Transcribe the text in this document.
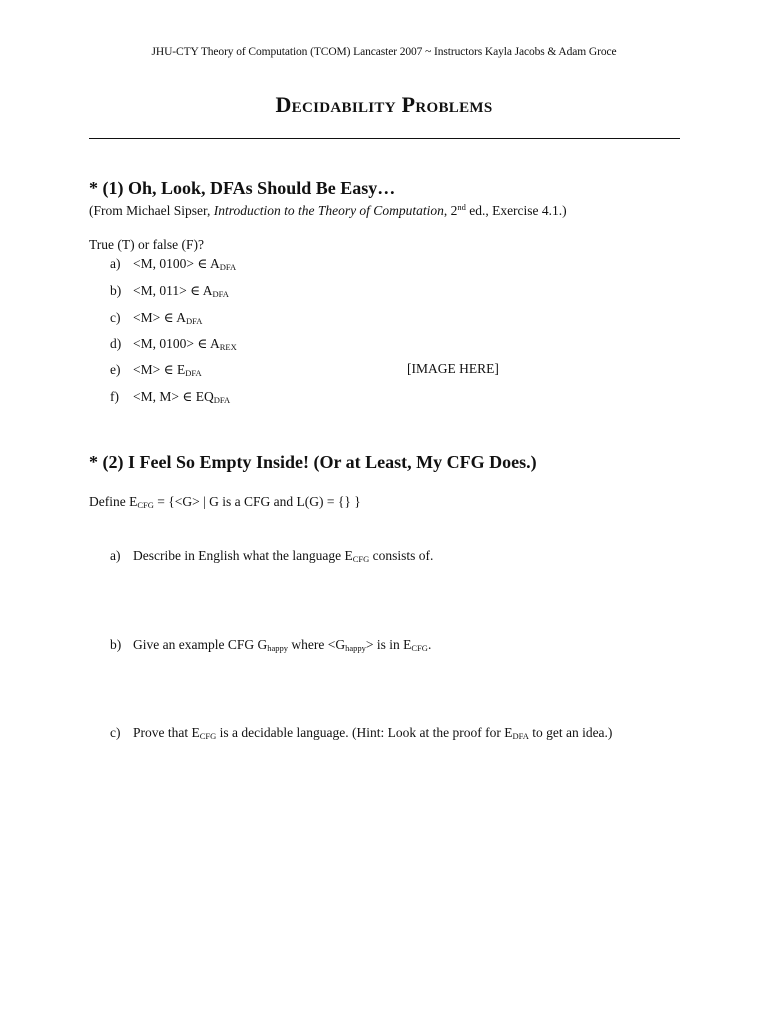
JHU-CTY Theory of Computation (TCOM) Lancaster 2007 ~ Instructors Kayla Jacobs & Adam Groce
Decidability Problems
* (1) Oh, Look, DFAs Should Be Easy…
(From Michael Sipser, Introduction to the Theory of Computation, 2nd ed., Exercise 4.1.)
True (T) or false (F)?
a) <M, 0100> ∈ $A_{DFA}$
b) <M, 011> ∈ $A_{DFA}$
c) <M> ∈ $A_{DFA}$
d) <M, 0100> ∈ $A_{REX}$
e) <M> ∈ $E_{DFA}$
f) <M, M> ∈ $EQ_{DFA}$
[IMAGE HERE]
* (2) I Feel So Empty Inside! (Or at Least, My CFG Does.)
Define $E_{CFG} = \{<G>$ | G is a CFG and L(G) = {} }
a) Describe in English what the language $E_{CFG}$ consists of.
b) Give an example CFG $G_{happy}$ where $<G_{happy}>$ is in $E_{CFG}$.
c) Prove that $E_{CFG}$ is a decidable language. (Hint: Look at the proof for $E_{DFA}$ to get an idea.)
